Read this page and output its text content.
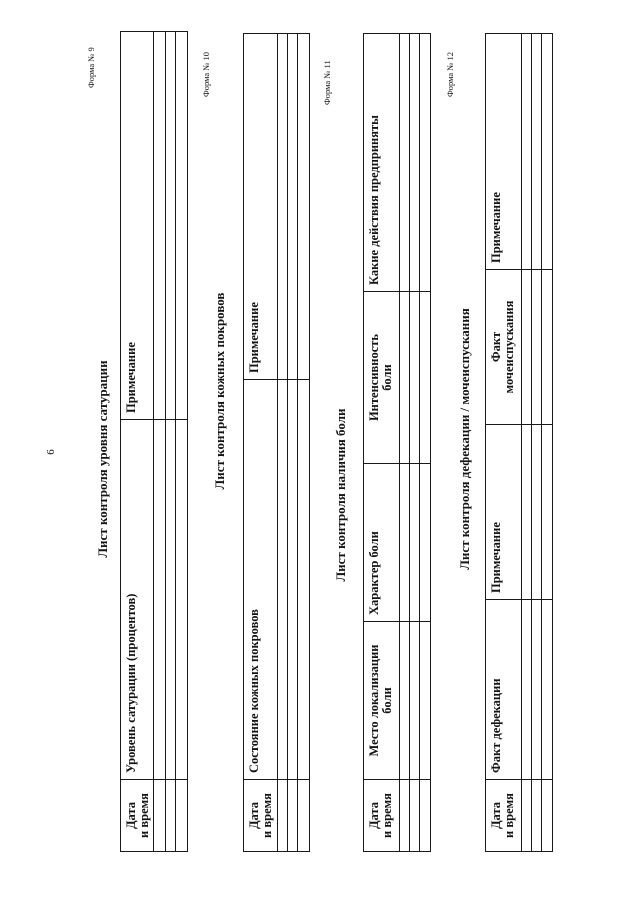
6
Форма № 9
Лист контроля уровня сатурации
Дата
и время	Уровень сатурации (процентов)	Примечание

Форма № 10
Лист контроля кожных покровов
Дата
и время	Состояние кожных покровов	Примечание

Форма № 11
Лист контроля наличия боли
Дата
и время	Место локализации
боли	Характер боли	Интенсивность
боли	Какие действия предприняты

Форма № 12
Лист контроля дефекации / мочеиспускания
Дата
и время	Факт дефекации	Примечание	Факт
мочеиспускания	Примечание
